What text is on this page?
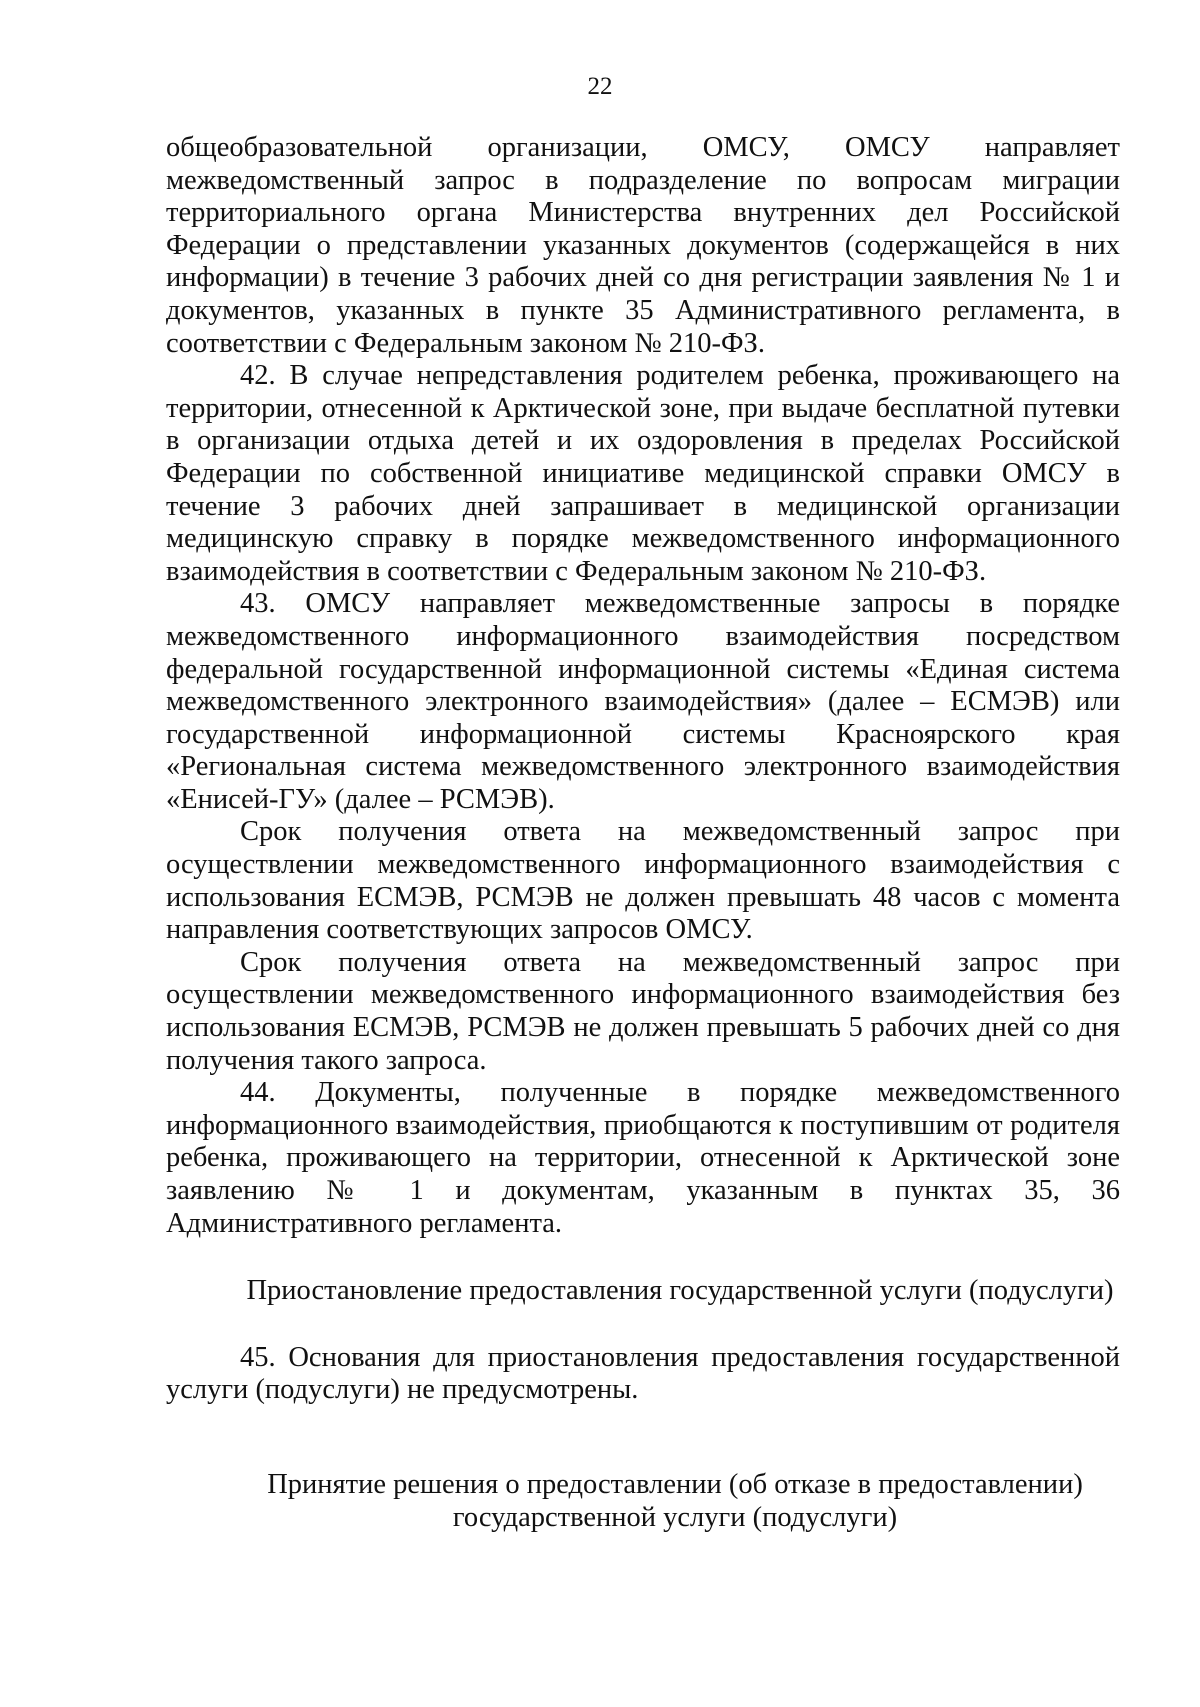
22

общеобразовательной организации, ОМСУ, ОМСУ направляет межведомственный запрос в подразделение по вопросам миграции территориального органа Министерства внутренних дел Российской Федерации о представлении указанных документов (содержащейся в них информации) в течение 3 рабочих дней со дня регистрации заявления № 1 и документов, указанных в пункте 35 Административного регламента, в соответствии с Федеральным законом № 210-ФЗ.

42. В случае непредставления родителем ребенка, проживающего на территории, отнесенной к Арктической зоне, при выдаче бесплатной путевки в организации отдыха детей и их оздоровления в пределах Российской Федерации по собственной инициативе медицинской справки ОМСУ в течение 3 рабочих дней запрашивает в медицинской организации медицинскую справку в порядке межведомственного информационного взаимодействия в соответствии с Федеральным законом № 210-ФЗ.

43. ОМСУ направляет межведомственные запросы в порядке межведомственного информационного взаимодействия посредством федеральной государственной информационной системы «Единая система межведомственного электронного взаимодействия» (далее – ЕСМЭВ) или государственной информационной системы Красноярского края «Региональная система межведомственного электронного взаимодействия «Енисей-ГУ» (далее – РСМЭВ).

Срок получения ответа на межведомственный запрос при осуществлении межведомственного информационного взаимодействия с использования ЕСМЭВ, РСМЭВ не должен превышать 48 часов с момента направления соответствующих запросов ОМСУ.

Срок получения ответа на межведомственный запрос при осуществлении межведомственного информационного взаимодействия без использования ЕСМЭВ, РСМЭВ не должен превышать 5 рабочих дней со дня получения такого запроса.

44. Документы, полученные в порядке межведомственного информационного взаимодействия, приобщаются к поступившим от родителя ребенка, проживающего на территории, отнесенной к Арктической зоне заявлению № 1 и документам, указанным в пунктах 35, 36 Административного регламента.

Приостановление предоставления государственной услуги (подуслуги)

45. Основания для приостановления предоставления государственной услуги (подуслуги) не предусмотрены.

Принятие решения о предоставлении (об отказе в предоставлении) государственной услуги (подуслуги)
